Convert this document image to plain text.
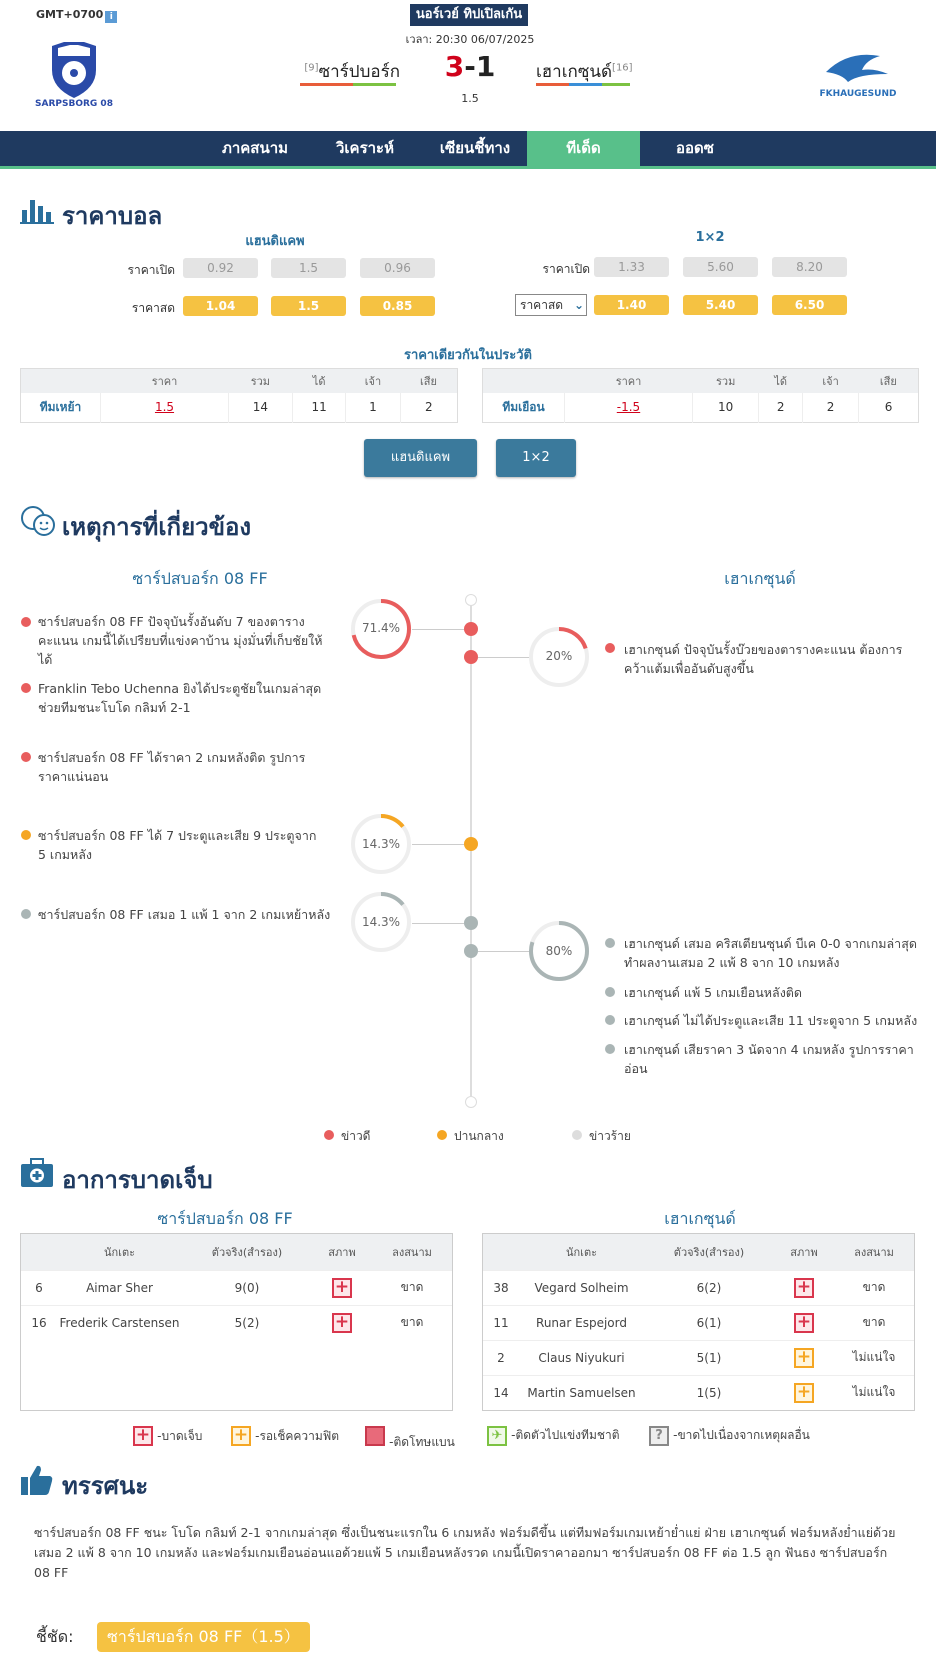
GMT+0700 i	นอร์เวย์ ทิปเปิลเกัน
เวลา: 20:30 06/07/2025
SARPSBORG 08
FKHAUGESUND
[9]ซาร์ปบอร์ก	3-1
1.5
เฮาเกซุนด์[16]
ภาคสนาม	วิเคราะห์	เซียนชี้ทาง	ทีเด็ด	ออดซ
ราคาบอล
แฮนดิแคพ
ราคาเปิด	0.92	1.5	0.96
ราคาสด	1.04	1.5	0.85
1×2
ราคาเปิด	1.33	5.60	8.20
ราคาสด ⌄	1.40	5.40	6.50
ราคาเดียวกันในประวัติ
	ราคา	รวม	ได้	เจ้า	เสีย
ทีมเหย้า	1.5	14	11	1	2
	ราคา	รวม	ได้	เจ้า	เสีย
ทีมเยือน	-1.5	10	2	2	6
แฮนดิแคพ	1×2
เหตุการที่เกี่ยวข้อง
ซาร์ปสบอร์ก 08 FF	เฮาเกซุนด์
ซาร์ปสบอร์ก 08 FF ปัจจุบันรั้งอันดับ 7 ของตารางคะแนน เกมนี้ได้เปรียบที่แข่งคาบ้าน มุ่งมั่นที่เก็บชัยให้ได้
Franklin Tebo Uchenna ยิงได้ประตูชัยในเกมล่าสุดช่วยทีมชนะโบโด กลิมท์ 2-1
ซาร์ปสบอร์ก 08 FF ได้ราคา 2 เกมหลังติด รูปการราคาแน่นอน
ซาร์ปสบอร์ก 08 FF ได้ 7 ประตูและเสีย 9 ประตูจาก 5 เกมหลัง
ซาร์ปสบอร์ก 08 FF เสมอ 1 แพ้ 1 จาก 2 เกมเหย้าหลัง
เฮาเกซุนด์ ปัจจุบันรั้งบ๊วยของตารางคะแนน ต้องการคว้าแต้มเพื่ออันดับสูงขึ้น
เฮาเกซุนด์ เสมอ คริสเตียนซุนด์ บีเค 0-0 จากเกมล่าสุด ทำผลงานเสมอ 2 แพ้ 8 จาก 10 เกมหลัง
เฮาเกซุนด์ แพ้ 5 เกมเยือนหลังติด
เฮาเกซุนด์ ไม่ได้ประตูและเสีย 11 ประตูจาก 5 เกมหลัง
เฮาเกซุนด์ เสียราคา 3 นัดจาก 4 เกมหลัง รูปการราคาอ่อน
71.4%
20%
14.3%
14.3%
80%
ข่าวดี	ปานกลาง	ข่าวร้าย
อาการบาดเจ็บ
ซาร์ปสบอร์ก 08 FF	เฮาเกซุนด์
	นักเตะ	ตัวจริง(สำรอง)	สภาพ	ลงสนาม
6	Aimar Sher	9(0)	+	ขาด
16	Frederik Carstensen	5(2)	+	ขาด
	นักเตะ	ตัวจริง(สำรอง)	สภาพ	ลงสนาม
38	Vegard Solheim	6(2)	+	ขาด
11	Runar Espejord	6(1)	+	ขาด
2	Claus Niyukuri	5(1)	+	ไม่แน่ใจ
14	Martin Samuelsen	1(5)	+	ไม่แน่ใจ
+ -บาดเจ็บ + -รอเช็คความฟิต	-ติดโทษแบน	✈ -ติดตัวไปแข่งทีมชาติ	? -ขาดไปเนื่องจากเหตุผลอื่น
ทรรศนะ
ซาร์ปสบอร์ก 08 FF ชนะ โบโด กลิมท์ 2-1 จากเกมล่าสุด ซึ่งเป็นชนะแรกใน 6 เกมหลัง ฟอร์มดีขึ้น แต่ทีมฟอร์มเกมเหย้าย่ำแย่ ฝ่าย เฮาเกซุนด์ ฟอร์มหลังย่ำแย่ด้วยเสมอ 2 แพ้ 8 จาก 10 เกมหลัง และฟอร์มเกมเยือนอ่อนแอด้วยแพ้ 5 เกมเยือนหลังรวด เกมนี้เปิดราคาออกมา ซาร์ปสบอร์ก 08 FF ต่อ 1.5 ลูก ฟันธง ซาร์ปสบอร์ก 08 FF
ชี้ชัด:	ซาร์ปสบอร์ก 08 FF（1.5）
